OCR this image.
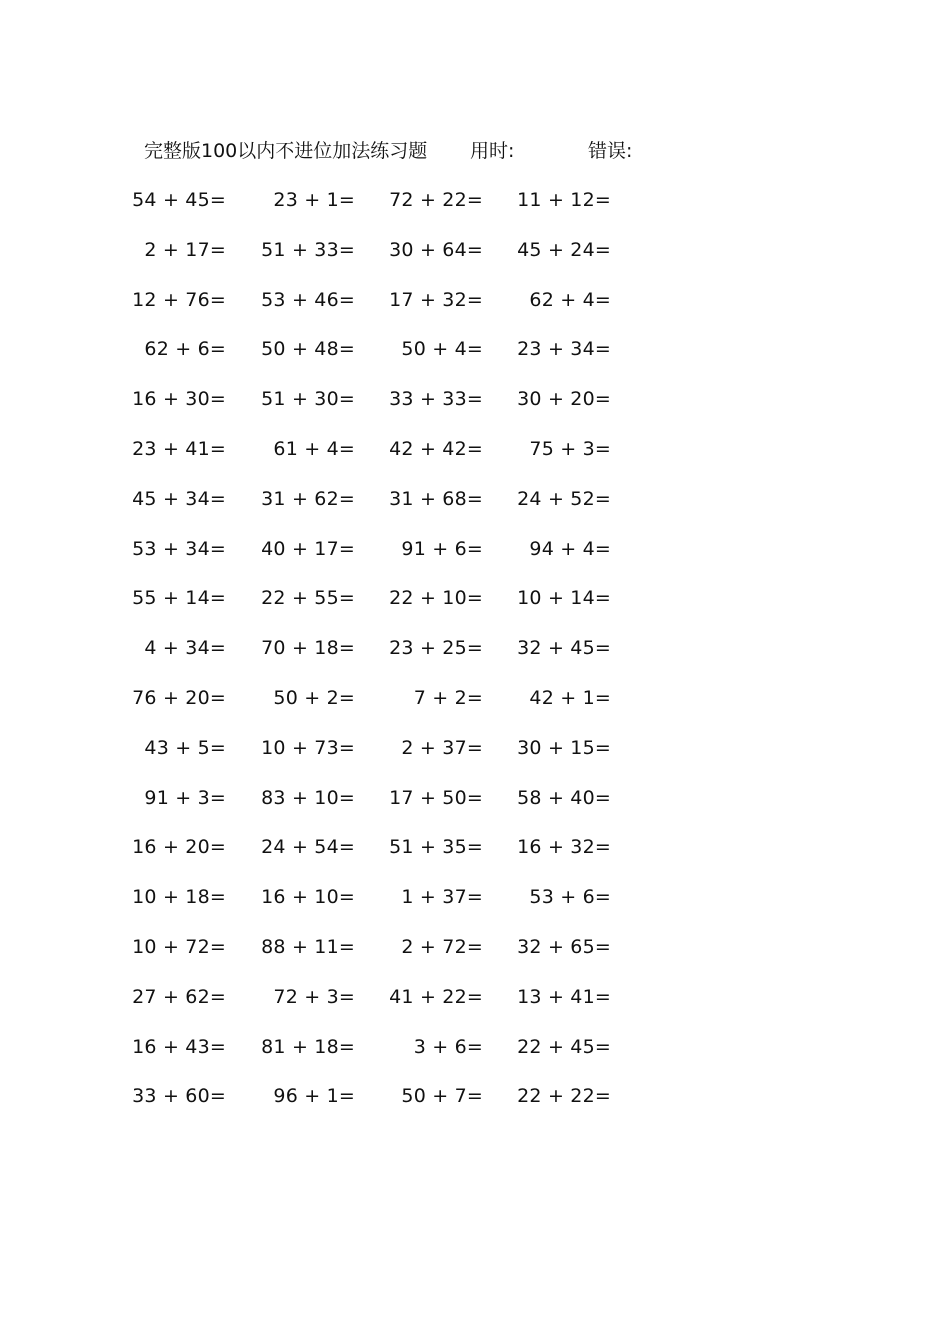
完整版100以内不进位加法练习题 用时:	错误:
54 + 45= 23 + 1= 72 + 22= 11 + 12=
2 + 17= 51 + 33= 30 + 64= 45 + 24=
12 + 76= 53 + 46= 17 + 32= 62 + 4=
62 + 6= 50 + 48= 50 + 4= 23 + 34=
16 + 30= 51 + 30= 33 + 33= 30 + 20=
23 + 41= 61 + 4= 42 + 42= 75 + 3=
45 + 34= 31 + 62= 31 + 68= 24 + 52=
53 + 34= 40 + 17= 91 + 6= 94 + 4=
55 + 14= 22 + 55= 22 + 10= 10 + 14=
4 + 34= 70 + 18= 23 + 25= 32 + 45=
76 + 20= 50 + 2=	7 + 2= 42 + 1=
43 + 5= 10 + 73= 2 + 37= 30 + 15=
91 + 3= 83 + 10= 17 + 50= 58 + 40=
16 + 20= 24 + 54= 51 + 35= 16 + 32=
10 + 18= 16 + 10= 1 + 37= 53 + 6=
10 + 72= 88 + 11= 2 + 72= 32 + 65=
27 + 62= 72 + 3= 41 + 22= 13 + 41=
16 + 43= 81 + 18=	3 + 6= 22 + 45=
33 + 60= 96 + 1= 50 + 7= 22 + 22=
